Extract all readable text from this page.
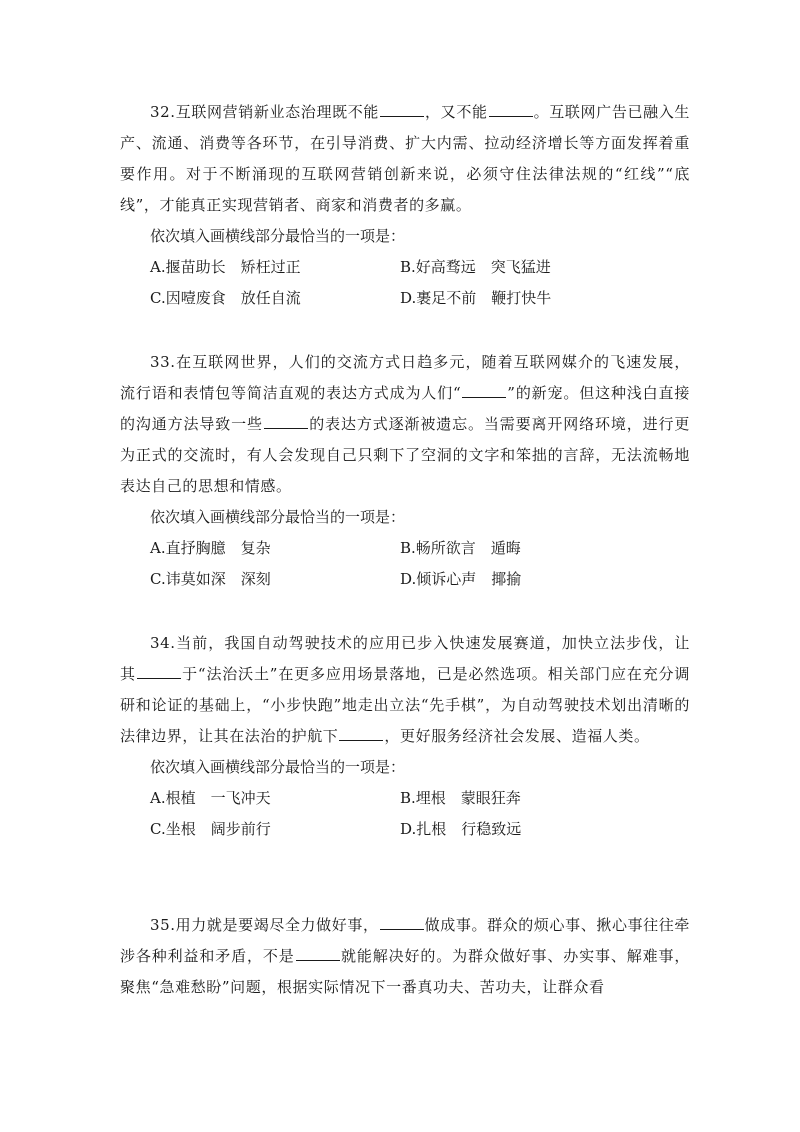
32.互联网营销新业态治理既不能	，又不能	。互联网广告已融入生产、流通、消费等各环节，在引导消费、扩大内需、拉动经济增长等方面发挥着重要作用。对于不断涌现的互联网营销创新来说，必须守住法律法规的“红线”“底线”，才能真正实现营销者、商家和消费者的多赢。

依次填入画横线部分最恰当的一项是：

A.揠苗助长　矫枉过正	B.好高骛远　突飞猛进
C.因噎废食　放任自流	D.裹足不前　鞭打快牛

33.在互联网世界，人们的交流方式日趋多元，随着互联网媒介的飞速发展，流行语和表情包等简洁直观的表达方式成为人们“	”的新宠。但这种浅白直接的沟通方法导致一些	的表达方式逐渐被遗忘。当需要离开网络环境，进行更为正式的交流时，有人会发现自己只剩下了空洞的文字和笨拙的言辞，无法流畅地表达自己的思想和情感。

依次填入画横线部分最恰当的一项是：

A.直抒胸臆　复杂	B.畅所欲言　遁晦
C.讳莫如深　深刻	D.倾诉心声　揶揄

34.当前，我国自动驾驶技术的应用已步入快速发展赛道，加快立法步伐，让其	于“法治沃土”在更多应用场景落地，已是必然选项。相关部门应在充分调研和论证的基础上，“小步快跑”地走出立法“先手棋”，为自动驾驶技术划出清晰的法律边界，让其在法治的护航下	，更好服务经济社会发展、造福人类。

依次填入画横线部分最恰当的一项是：

A.根植　一飞冲天	B.埋根　蒙眼狂奔
C.坐根　阔步前行	D.扎根　行稳致远

35.用力就是要竭尽全力做好事，	做成事。群众的烦心事、揪心事往往牵涉各种利益和矛盾，不是	就能解决好的。为群众做好事、办实事、解难事，聚焦“急难愁盼”问题，根据实际情况下一番真功夫、苦功夫，让群众看
